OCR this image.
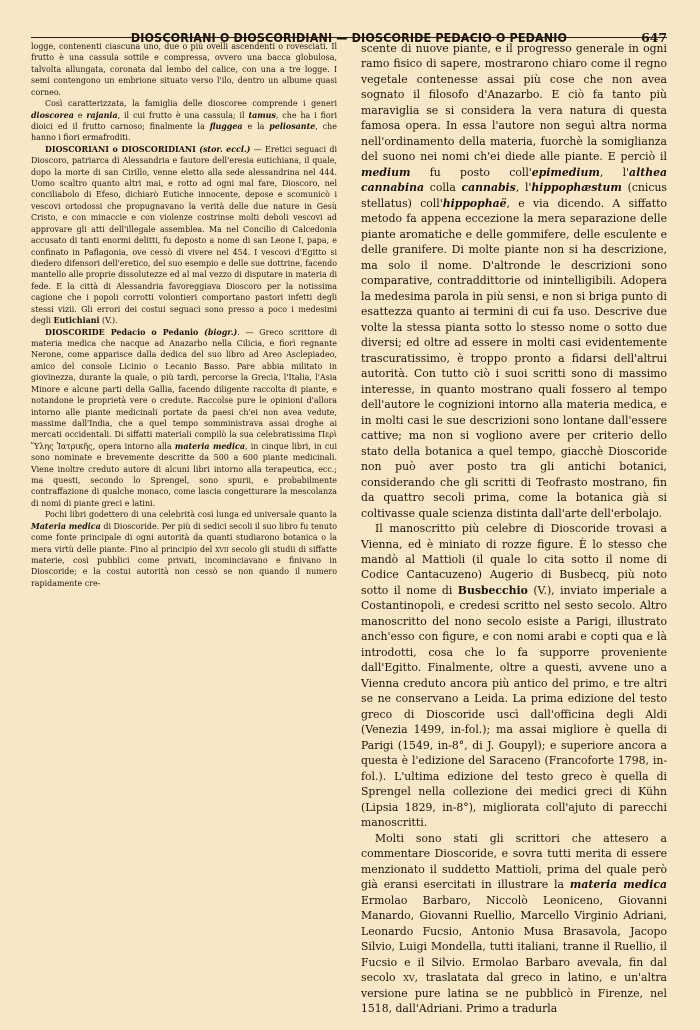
DIOSCORIANI O DIOSCORIDIANI — DIOSCORIDE PEDACIO O PEDANIO	647

logge, contenenti ciascuna uno, due o più ovelli ascendenti o rovesciati. Il frutto è una cassula sottile e compressa, ovvero una bacca globulosa, talvolta allungata, coronata dal lembo del calice, con una a tre logge. I semi contengono un embrione situato verso l'ilo, dentro un albume quasi corneo.

Così caratterizzata, la famiglia delle dioscoree comprende i generi dioscorea e rajania, il cui frutto è una cassula; il tamus, che ha i fiori dioici ed il frutto carnoso; finalmente la fluggea e la peliosante, che hanno i fiori ermafroditi.

DIOSCORIANI o DIOSCORIDIANI (stor. eccl.) — Eretici seguaci di Dioscoro, patriarca di Alessandria e fautore dell'eresia eutichiana, il quale, dopo la morte di san Cirillo, venne eletto alla sede alessandrina nel 444. Uomo scaltro quanto altri mai, e rotto ad ogni mal fare, Dioscoro, nel conciliabolo di Efeso, dichiarò Eutiche innocente, depose e scomunicò i vescovi ortodossi che propugnavano la verità delle due nature in Gesù Cristo, e con minaccie e con violenze costrinse molti deboli vescovi ad approvare gli atti dell'illegale assemblea. Ma nel Concilio di Calcedonia accusato di tanti enormi delitti, fu deposto a nome di san Leone I, papa, e confinato in Paflagonia, ove cessò di vivere nel 454. I vescovi d'Egitto si diedero difensori dell'eretico, del suo esempio e delle sue dottrine, facendo mantello alle proprie dissolutezze ed al mal vezzo di disputare in materia di fede. E la città di Alessandria favoreggiava Dioscoro per la notissima cagione che i popoli corrotti volontieri comportano pastori infetti degli stessi vizii. Gli errori dei costui seguaci sono presso a poco i medesimi degli Eutichiani (V.).

DIOSCORIDE Pedacio o Pedanio (biogr.). — Greco scrittore di materia medica che nacque ad Anazarbo nella Cilicia, e fiorì regnante Nerone, come apparisce dalla dedica del suo libro ad Areo Asclepiadeo, amico del console Licinio o Lecanio Basso. Pare abbia militato in giovinezza, durante la quale, o più tardi, percorse la Grecia, l'Italia, l'Asia Minore e alcune parti della Gallia, facendo diligente raccolta di piante, e notandone le proprietà vere o credute. Raccolse pure le opinioni d'allora intorno alle piante medicinali portate da paesi ch'ei non avea vedute, massime dall'India, che a quel tempo somministrava assai droghe ai mercati occidentali. Di siffatti materiali compilò la sua celebratissima Περὶ Ὕλης Ἰατρικῆς, opera intorno alla materia medica, in cinque libri, in cui sono nominate e brevemente descritte da 500 a 600 piante medicinali. Viene inoltre creduto autore di alcuni libri intorno alla terapeutica, ecc.; ma questi, secondo lo Sprengel, sono spurii, e probabilmente contraffazione di qualche monaco, come lascia congetturare la mescolanza di nomi di piante greci e latini.

Pochi libri godettero di una celebrità così lunga ed universale quanto la Materia medica di Dioscoride. Per più di sedici secoli il suo libro fu tenuto come fonte principale di ogni autorità da quanti studiarono botanica o la mera virtù delle piante. Fino al principio del xvii secolo gli studii di siffatte materie, così pubblici come privati, incominciavano e finivano in Dioscoride; e la costui autorità non cessò se non quando il numero rapidamente cre-

scente di nuove piante, e il progresso generale in ogni ramo fisico di sapere, mostrarono chiaro come il regno vegetale contenesse assai più cose che non avea sognato il filosofo d'Anazarbo. E ciò fa tanto più maraviglia se si considera la vera natura di questa famosa opera. In essa l'autore non seguì altra norma nell'ordinamento della materia, fuorchè la somiglianza del suono nei nomi ch'ei diede alle piante. E perciò il medium fu posto coll'epimedium, l'althea cannabina colla cannabis, l'hippophæstum (cnicus stellatus) coll'hippophaë, e via dicendo. A siffatto metodo fa appena eccezione la mera separazione delle piante aromatiche e delle gommifere, delle esculente e delle granifere. Di molte piante non si ha descrizione, ma solo il nome. D'altronde le descrizioni sono comparative, contraddittorie od inintelligibili. Adopera la medesima parola in più sensi, e non si briga punto di esattezza quanto ai termini di cui fa uso. Descrive due volte la stessa pianta sotto lo stesso nome o sotto due diversi; ed oltre ad essere in molti casi evidentemente trascuratissimo, è troppo pronto a fidarsi dell'altrui autorità. Con tutto ciò i suoi scritti sono di massimo interesse, in quanto mostrano quali fossero al tempo dell'autore le cognizioni intorno alla materia medica, e in molti casi le sue descrizioni sono lontane dall'essere cattive; ma non si vogliono avere per criterio dello stato della botanica a quel tempo, giacchè Dioscoride non può aver posto tra gli antichi botanici, considerando che gli scritti di Teofrasto mostrano, fin da quattro secoli prima, come la botanica già si coltivasse quale scienza distinta dall'arte dell'erbolajo.

Il manoscritto più celebre di Dioscoride trovasi a Vienna, ed è miniato di rozze figure. È lo stesso che mandò al Mattioli (il quale lo cita sotto il nome di Codice Cantacuzeno) Augerio di Busbecq, più noto sotto il nome di Busbecchio (V.), inviato imperiale a Costantinopoli, e credesi scritto nel sesto secolo. Altro manoscritto del nono secolo esiste a Parigi, illustrato anch'esso con figure, e con nomi arabi e copti qua e là introdotti, cosa che lo fa supporre proveniente dall'Egitto. Finalmente, oltre a questi, avvene uno a Vienna creduto ancora più antico del primo, e tre altri se ne conservano a Leida. La prima edizione del testo greco di Dioscoride uscì dall'officina degli Aldi (Venezia 1499, in-fol.); ma assai migliore è quella di Parigi (1549, in-8°, di J. Goupyl); e superiore ancora a questa è l'edizione del Saraceno (Francoforte 1798, in-fol.). L'ultima edizione del testo greco è quella di Sprengel nella collezione dei medici greci di Kühn (Lipsia 1829, in-8°), migliorata coll'ajuto di parecchi manoscritti.

Molti sono stati gli scrittori che attesero a commentare Dioscoride, e sovra tutti merita di essere menzionato il suddetto Mattioli, prima del quale però già eransi esercitati in illustrare la materia medica Ermolao Barbaro, Niccolò Leoniceno, Giovanni Manardo, Giovanni Ruellio, Marcello Virginio Adriani, Leonardo Fucsio, Antonio Musa Brasavola, Jacopo Silvio, Luigi Mondella, tutti italiani, tranne il Ruellio, il Fucsio e il Silvio. Ermolao Barbaro avevala, fin dal secolo xv, traslatata dal greco in latino, e un'altra versione pure latina se ne pubblicò in Firenze, nel 1518, dall'Adriani. Primo a tradurla
